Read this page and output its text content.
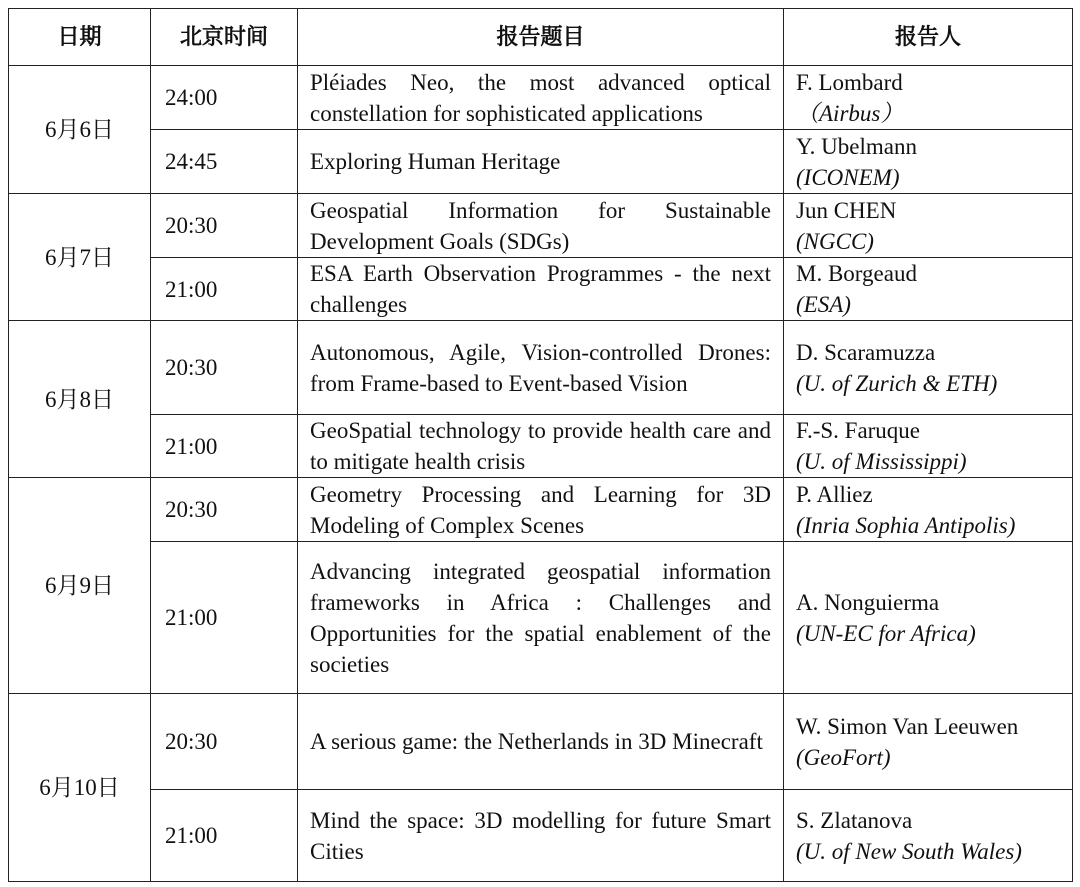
日期	北京时间	报告题目	报告人
6月6日	24:00	Pléiades Neo, the most advanced optical constellation for sophisticated applications	F. Lombard
（Airbus）

	24:45	Exploring Human Heritage	Y. Ubelmann
(ICONEM)

6月7日	20:30	Geospatial Information for Sustainable Development Goals (SDGs)	Jun CHEN
(NGCC)

	21:00	ESA Earth Observation Programmes - the next challenges	M. Borgeaud
(ESA)

6月8日	20:30	Autonomous, Agile, Vision-controlled Drones: from Frame-based to Event-based Vision	D. Scaramuzza
(U. of Zurich & ETH)

	21:00	GeoSpatial technology to provide health care and to mitigate health crisis	F.-S. Faruque
(U. of Mississippi)

6月9日	20:30	Geometry Processing and Learning for 3D Modeling of Complex Scenes	P. Alliez
(Inria Sophia Antipolis)

	21:00	Advancing integrated geospatial information frameworks in Africa : Challenges and Opportunities for the spatial enablement of the societies	A. Nonguierma
(UN-EC for Africa)

6月10日	20:30	A serious game: the Netherlands in 3D Minecraft	W. Simon Van Leeuwen
(GeoFort)

	21:00	Mind the space: 3D modelling for future Smart Cities	S. Zlatanova
(U. of New South Wales)
